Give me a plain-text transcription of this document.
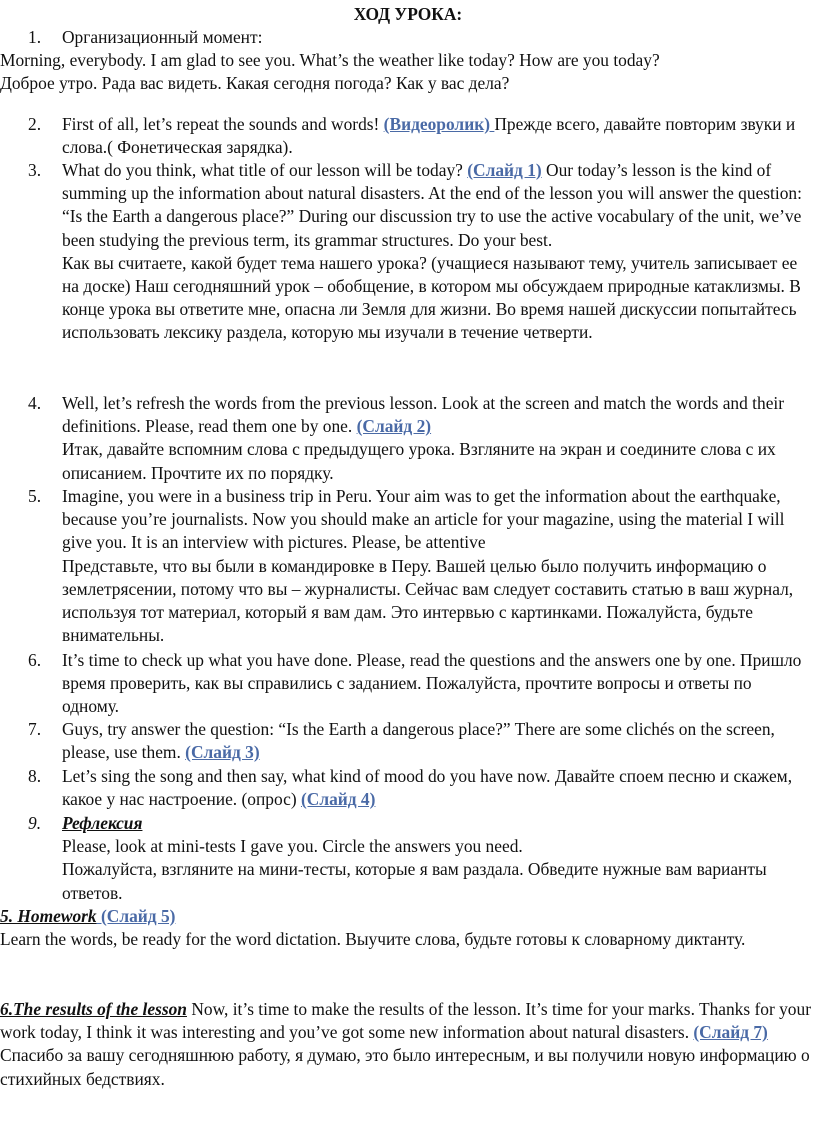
ХОД УРОКА:
1.	Организационный момент:
Morning, everybody. I am glad to see you. What’s the weather like today? How are you today?
Доброе утро. Рада вас видеть. Какая сегодня погода? Как у вас дела?
2.	First of all, let’s repeat the sounds and words! (Видеоролик) Прежде всего, давайте повторим звуки и слова.( Фонетическая зарядка).
3.	What do you think, what title of our lesson will be today? (Слайд 1) Our today’s lesson is the kind of summing up the information about natural disasters. At the end of the lesson you will answer the question: “Is the Earth a dangerous place?” During our discussion try to use the active vocabulary of the unit, we’ve been studying the previous term, its grammar structures. Do your best.
Как вы считаете, какой будет тема нашего урока? (учащиеся называют тему, учитель записывает ее на доске) Наш сегодняшний урок – обобщение, в котором мы обсуждаем природные катаклизмы. В конце урока вы ответите мне, опасна ли Земля для жизни. Во время нашей дискуссии попытайтесь использовать лексику раздела, которую мы изучали в течение четверти.
4.	Well, let’s refresh the words from the previous lesson. Look at the screen and match the words and their definitions. Please, read them one by one. (Слайд 2)
Итак, давайте вспомним слова с предыдущего урока. Взгляните на экран и соедините слова с их описанием. Прочтите их по порядку.
5.	Imagine, you were in a business trip in Peru. Your aim was to get the information about the earthquake, because you’re journalists. Now you should make an article for your magazine, using the material I will give you. It is an interview with pictures. Please, be attentive
Представьте, что вы были в командировке в Перу. Вашей целью было получить информацию о землетрясении, потому что вы – журналисты. Сейчас вам следует составить статью в ваш журнал, используя тот материал, который я вам дам. Это интервью с картинками. Пожалуйста, будьте внимательны.
6.	It’s time to check up what you have done. Please, read the questions and the answers one by one. Пришло время проверить, как вы справились с заданием. Пожалуйста, прочтите вопросы и ответы по одному.
7.	Guys, try answer the question: “Is the Earth a dangerous place?” There are some clichés on the screen, please, use them. (Слайд 3)
8.	Let’s sing the song and then say, what kind of mood do you have now. Давайте споем песню и скажем, какое у нас настроение. (опрос) (Слайд 4)
9.	Рефлексия
Please, look at mini-tests I gave you. Circle the answers you need.
Пожалуйста, взгляните на мини-тесты, которые я вам раздала. Обведите нужные вам варианты ответов.
5. Homework (Слайд 5)
Learn the words, be ready for the word dictation. Выучите слова, будьте готовы к словарному диктанту.
6.The results of the lesson Now, it’s time to make the results of the lesson. It’s time for your marks. Thanks for your work today, I think it was interesting and you’ve got some new information about natural disasters. (Слайд 7) Спасибо за вашу сегодняшнюю работу, я думаю, это было интересным, и вы получили новую информацию о стихийных бедствиях.
